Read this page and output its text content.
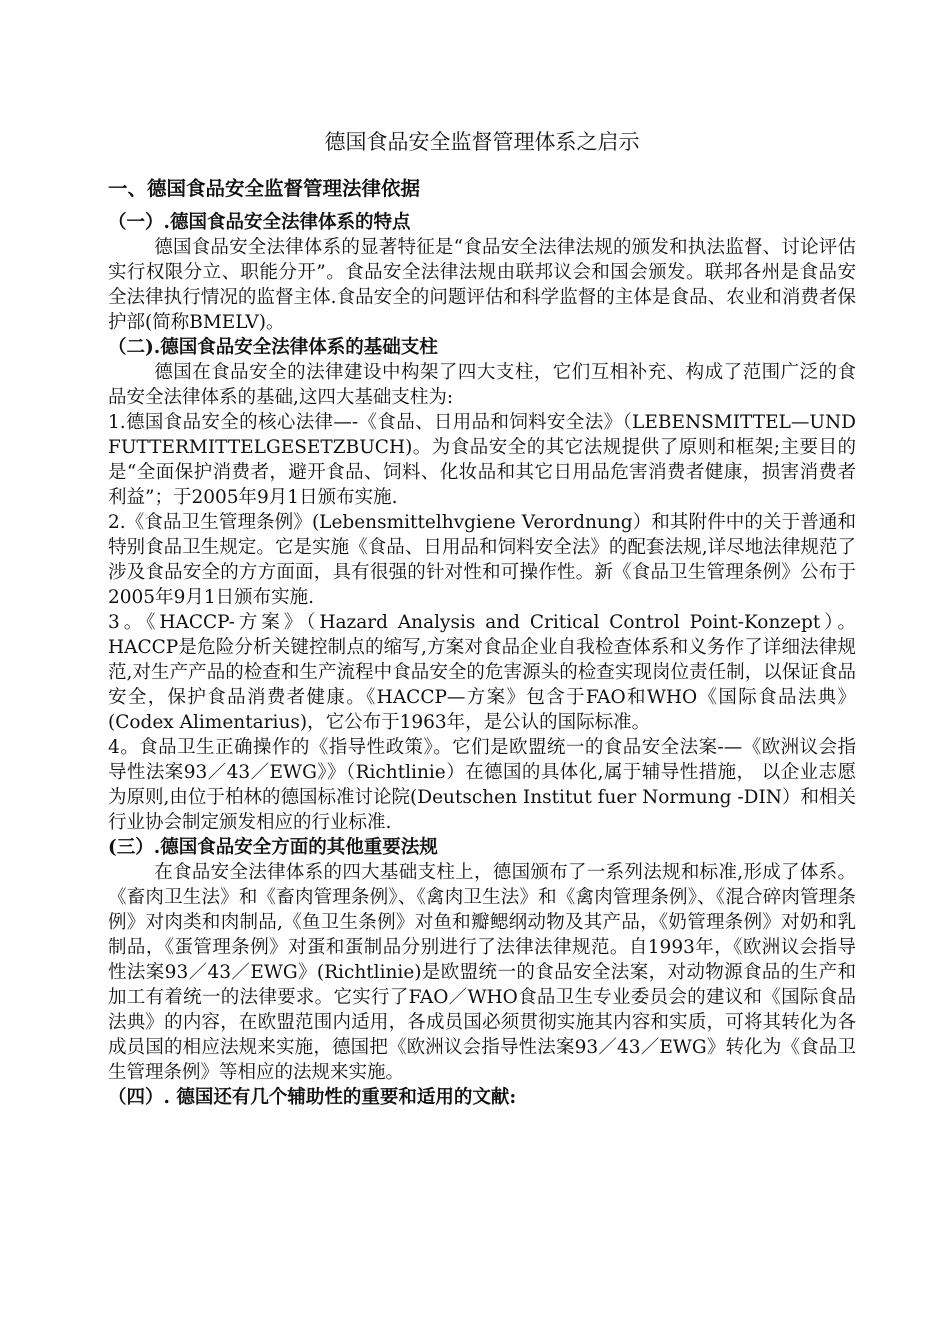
德国食品安全监督管理体系之启示
一、德国食品安全监督管理法律依据
（一）.德国食品安全法律体系的特点

德国食品安全法律体系的显著特征是“食品安全法律法规的颁发和执法监督、讨论评估实行权限分立、职能分开”。食品安全法律法规由联邦议会和国会颁发。联邦各州是食品安全法律执行情况的监督主体.食品安全的问题评估和科学监督的主体是食品、农业和消费者保护部(简称BMELV)。

（二).德国食品安全法律体系的基础支柱

德国在食品安全的法律建设中构架了四大支柱，它们互相补充、构成了范围广泛的食品安全法律体系的基础,这四大基础支柱为:

1.德国食品安全的核心法律—-《食品、日用品和饲料安全法》（LEBENSMITTEL—UND FUTTERMITTELGESETZBUCH)。为食品安全的其它法规提供了原则和框架;主要目的是“全面保护消费者，避开食品、饲料、化妆品和其它日用品危害消费者健康，损害消费者利益”；于2005年9月1日颁布实施.

2.《食品卫生管理条例》(Lebensmittelhvgiene Verordnung）和其附件中的关于普通和特别食品卫生规定。它是实施《食品、日用品和饲料安全法》的配套法规,详尽地法律规范了涉及食品安全的方方面面，具有很强的针对性和可操作性。新《食品卫生管理条例》公布于2005年9月1日颁布实施.

3。《HACCP-方案》（Hazard Analysis and Critical Control Point-Konzept）。HACCP是危险分析关键控制点的缩写,方案对食品企业自我检查体系和义务作了详细法律规范,对生产产品的检查和生产流程中食品安全的危害源头的检查实现岗位责任制，以保证食品安全，保护食品消费者健康。《HACCP—方案》包含于FAO和WHO《国际食品法典》(Codex Alimentarius)，它公布于1963年，是公认的国际标准。

4。食品卫生正确操作的《指导性政策》。它们是欧盟统一的食品安全法案-—《欧洲议会指导性法案93／43／EWG》》（Richtlinie）在德国的具体化,属于辅导性措施， 以企业志愿为原则,由位于柏林的德国标准讨论院(Deutschen Institut fuer Normung -DIN）和相关行业协会制定颁发相应的行业标准.

(三）.德国食品安全方面的其他重要法规

在食品安全法律体系的四大基础支柱上，德国颁布了一系列法规和标准,形成了体系。《畜肉卫生法》和《畜肉管理条例》、《禽肉卫生法》和《禽肉管理条例》、《混合碎肉管理条例》对肉类和肉制品,《鱼卫生条例》对鱼和瓣鳃纲动物及其产品，《奶管理条例》对奶和乳制品，《蛋管理条例》对蛋和蛋制品分别进行了法律法律规范。自1993年，《欧洲议会指导性法案93／43／EWG》(Richtlinie)是欧盟统一的食品安全法案，对动物源食品的生产和加工有着统一的法律要求。它实行了FAO／WHO食品卫生专业委员会的建议和《国际食品法典》的内容，在欧盟范围内适用，各成员国必须贯彻实施其内容和实质，可将其转化为各成员国的相应法规来实施，德国把《欧洲议会指导性法案93／43／EWG》转化为《食品卫生管理条例》等相应的法规来实施。

（四）. 德国还有几个辅助性的重要和适用的文献:
